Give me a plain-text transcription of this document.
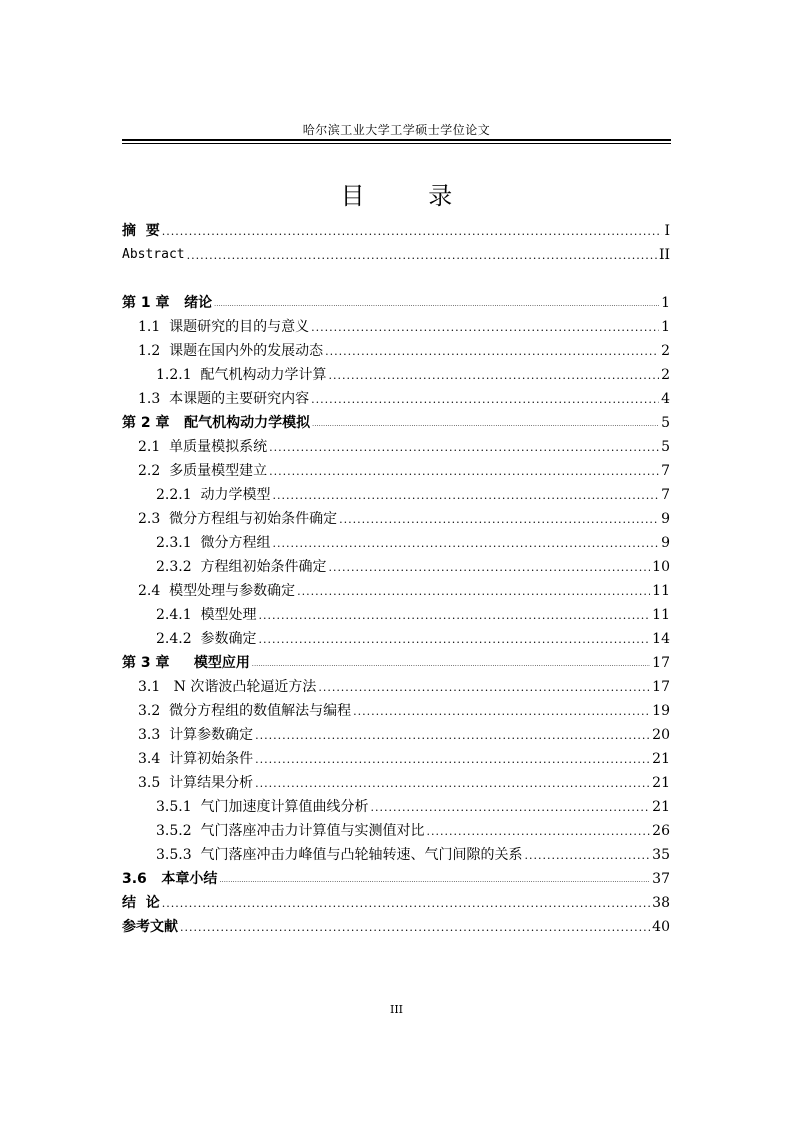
哈尔滨工业大学工学硕士学位论文
目 录
摘  要 .....	I
Abstract .....	II
第 1 章   绪论 .....	1
1.1  课题研究的目的与意义 .....	1
1.2  课题在国内外的发展动态 .....	2
1.2.1  配气机构动力学计算 .....	2
1.3  本课题的主要研究内容 .....	4
第 2 章   配气机构动力学模拟 .....	5
2.1  单质量模拟系统 .....	5
2.2  多质量模型建立 .....	7
2.2.1  动力学模型 .....	7
2.3  微分方程组与初始条件确定 .....	9
2.3.1  微分方程组 .....	9
2.3.2  方程组初始条件确定 .....	10
2.4  模型处理与参数确定 .....	11
2.4.1  模型处理 .....	11
2.4.2  参数确定 .....	14
第 3 章     模型应用 .....	17
3.1   N 次谐波凸轮逼近方法 .....	17
3.2  微分方程组的数值解法与编程 .....	19
3.3  计算参数确定 .....	20
3.4  计算初始条件 .....	21
3.5  计算结果分析 .....	21
3.5.1  气门加速度计算值曲线分析 .....	21
3.5.2  气门落座冲击力计算值与实测值对比 .....	26
3.5.3  气门落座冲击力峰值与凸轮轴转速、气门间隙的关系 .....	35
3.6   本章小结 .....	37
结  论 .....	38
参考文献 .....	40
III
